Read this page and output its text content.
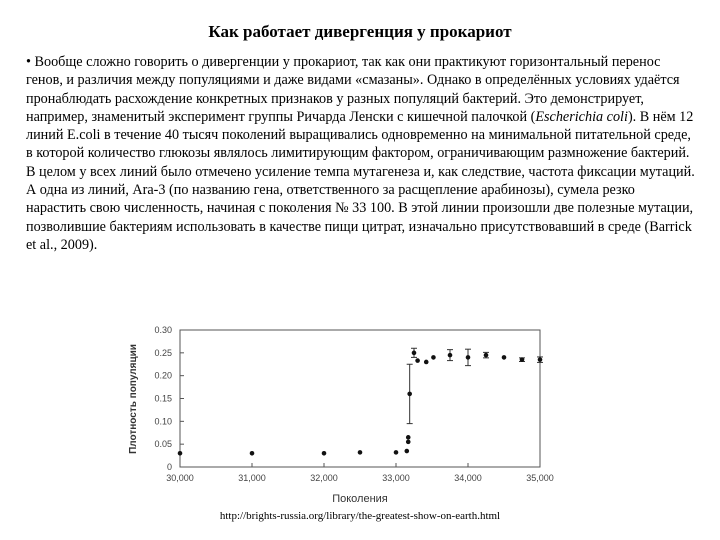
Как работает дивергенция у прокариот

• Вообще сложно говорить о дивергенции у прокариот, так как они практикуют горизонтальный перенос генов, и различия между популяциями и даже видами «смазаны». Однако в определённых условиях удаётся пронаблюдать расхождение конкретных признаков у разных популяций бактерий. Это демонстрирует, например, знаменитый эксперимент группы Ричарда Ленски с кишечной палочкой (Escherichia coli). В нём 12 линий E.coli в течение 40 тысяч поколений выращивались одновременно на минимальной питательной среде, в которой количество глюкозы являлось лимитирующим фактором, ограничивающим размножение бактерий.

В целом у всех линий было отмечено усиление темпа мутагенеза и, как следствие, частота фиксации мутаций. А одна из линий, Ara-3 (по названию гена, ответственного за расщепление арабинозы), сумела резко нарастить свою численность, начиная с поколения № 33 100. В этой линии произошли две полезные мутации, позволившие бактериям использовать в качестве пищи цитрат, изначально присутствовавший в среде (Barrick et al., 2009).

0
0.05
0.10
0.15
0.20
0.25
0.30
30,000	31,000	32,000	33,000	34,000	35,000
Поколения
Плотность популяции
http://brights-russia.org/library/the-greatest-show-on-earth.html
